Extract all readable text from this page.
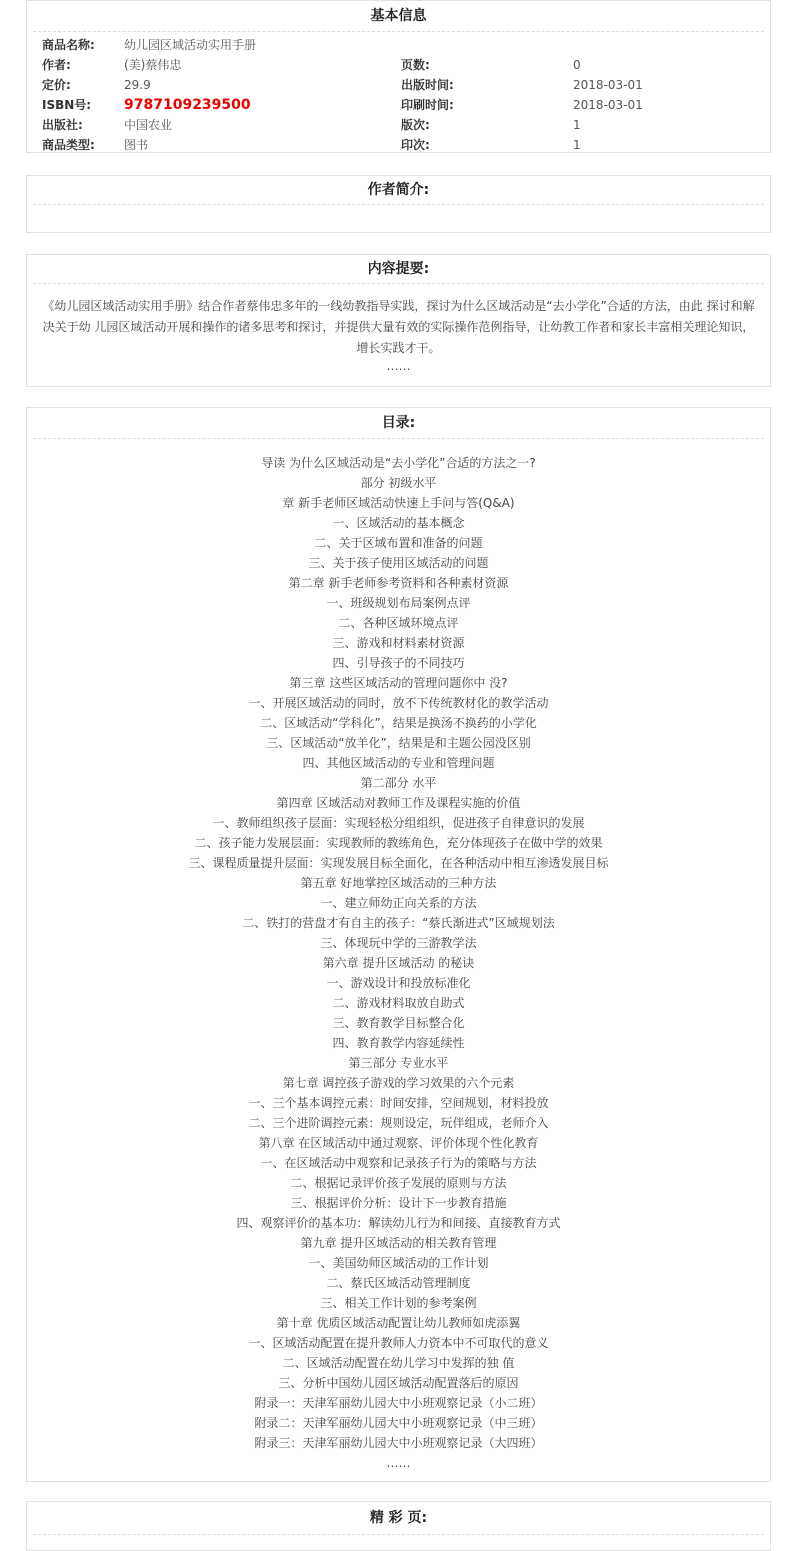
基本信息
商品名称: 幼儿园区域活动实用手册
作者:	(美)蔡伟忠	页数:	0
定价:	29.9	出版时间:	2018-03-01
ISBN号: 9787109239500	印刷时间:	2018-03-01
出版社:	中国农业	版次:	1
商品类型: 图书	印次:	1
作者简介:
内容提要:
《幼儿园区域活动实用手册》结合作者蔡伟忠多年的一线幼教指导实践，探讨为什么区域活动是“去小学化”合适的方法，由此 探讨和解决关于幼 儿园区域活动开展和操作的诸多思考和探讨，并提供大量有效的实际操作范例指导，让幼教工作者和家长丰富相关理论知识，增长实践才干。
……
目录:
导读 为什么区域活动是“去小学化”合适的方法之一?
部分 初级水平
章 新手老师区域活动快速上手问与答(Q&A)
一、区域活动的基本概念
二、关于区域布置和准备的问题
三、关于孩子使用区域活动的问题
第二章 新手老师参考资料和各种素材资源
一、班级规划布局案例点评
二、各种区域环境点评
三、游戏和材料素材资源
四、引导孩子的不同技巧
第三章 这些区域活动的管理问题你中 没?
一、开展区域活动的同时，放不下传统教材化的教学活动
二、区域活动“学科化”，结果是换汤不换药的小学化
三、区域活动“放羊化”，结果是和主题公园没区别
四、其他区域活动的专业和管理问题
第二部分 水平
第四章 区域活动对教师工作及课程实施的价值
一、教师组织孩子层面：实现轻松分组组织，促进孩子自律意识的发展
二、孩子能力发展层面：实现教师的教练角色，充分体现孩子在做中学的效果
三、课程质量提升层面：实现发展目标全面化，在各种活动中相互渗透发展目标
第五章 好地掌控区域活动的三种方法
一、建立师幼正向关系的方法
二、铁打的营盘才有自主的孩子：“蔡氏渐进式”区域规划法
三、体现玩中学的三游教学法
第六章 提升区域活动 的秘诀
一、游戏设计和投放标准化
二、游戏材料取放自助式
三、教育教学目标整合化
四、教育教学内容延续性
第三部分 专业水平
第七章 调控孩子游戏的学习效果的六个元素
一、三个基本调控元素：时间安排，空间规划，材料投放
二、三个进阶调控元素：规则设定，玩伴组成，老师介入
第八章 在区域活动中通过观察、评价体现个性化教育
一、在区域活动中观察和记录孩子行为的策略与方法
二、根据记录评价孩子发展的原则与方法
三、根据评价分析：设计下一步教育措施
四、观察评价的基本功：解读幼儿行为和间接、直接教育方式
第九章 提升区域活动的相关教育管理
一、美国幼师区域活动的工作计划
二、蔡氏区域活动管理制度
三、相关工作计划的参考案例
第十章 优质区域活动配置让幼儿教师如虎添翼
一、区域活动配置在提升教师人力资本中不可取代的意义
二、区域活动配置在幼儿学习中发挥的独 值
三、分析中国幼儿园区域活动配置落后的原因
附录一：天津军丽幼儿园大中小班观察记录（小二班）
附录二：天津军丽幼儿园大中小班观察记录（中三班）
附录三：天津军丽幼儿园大中小班观察记录（大四班）
……
精 彩 页:
